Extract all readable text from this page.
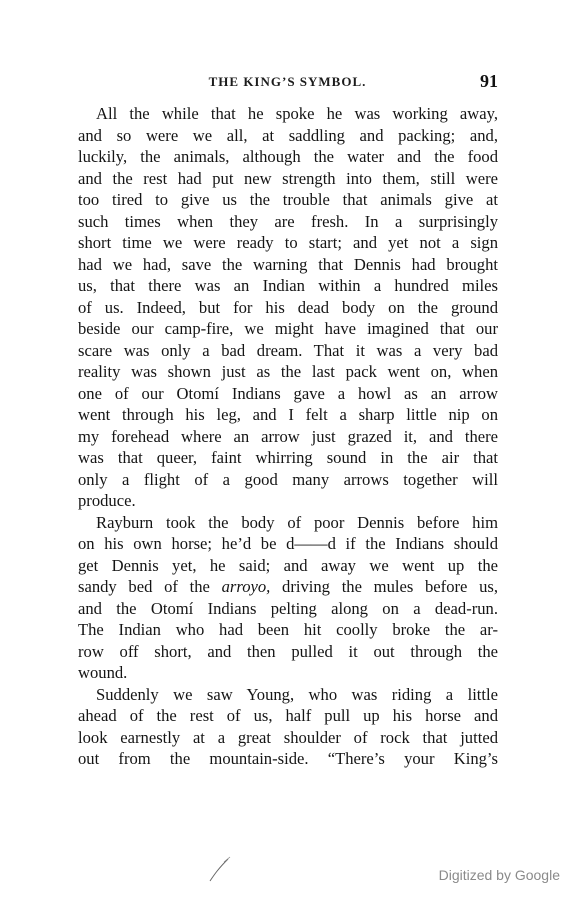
THE KING’S SYMBOL.	91
All the while that he spoke he was working away,
and so were we all, at saddling and packing; and,
luckily, the animals, although the water and the food
and the rest had put new strength into them, still were
too tired to give us the trouble that animals give at
such times when they are fresh. In a surprisingly
short time we were ready to start; and yet not a sign
had we had, save the warning that Dennis had brought
us, that there was an Indian within a hundred miles
of us. Indeed, but for his dead body on the ground
beside our camp-fire, we might have imagined that our
scare was only a bad dream. That it was a very bad
reality was shown just as the last pack went on, when
one of our Otomí Indians gave a howl as an arrow
went through his leg, and I felt a sharp little nip on
my forehead where an arrow just grazed it, and there
was that queer, faint whirring sound in the air that
only a flight of a good many arrows together will
produce.
Rayburn took the body of poor Dennis before him
on his own horse; he’d be d——d if the Indians should
get Dennis yet, he said; and away we went up the
sandy bed of the arroyo, driving the mules before us,
and the Otomí Indians pelting along on a dead-run.
The Indian who had been hit coolly broke the ar-
row off short, and then pulled it out through the
wound.
Suddenly we saw Young, who was riding a little
ahead of the rest of us, half pull up his horse and
look earnestly at a great shoulder of rock that jutted
out from the mountain-side. “There’s your King’s
Digitized by Google
